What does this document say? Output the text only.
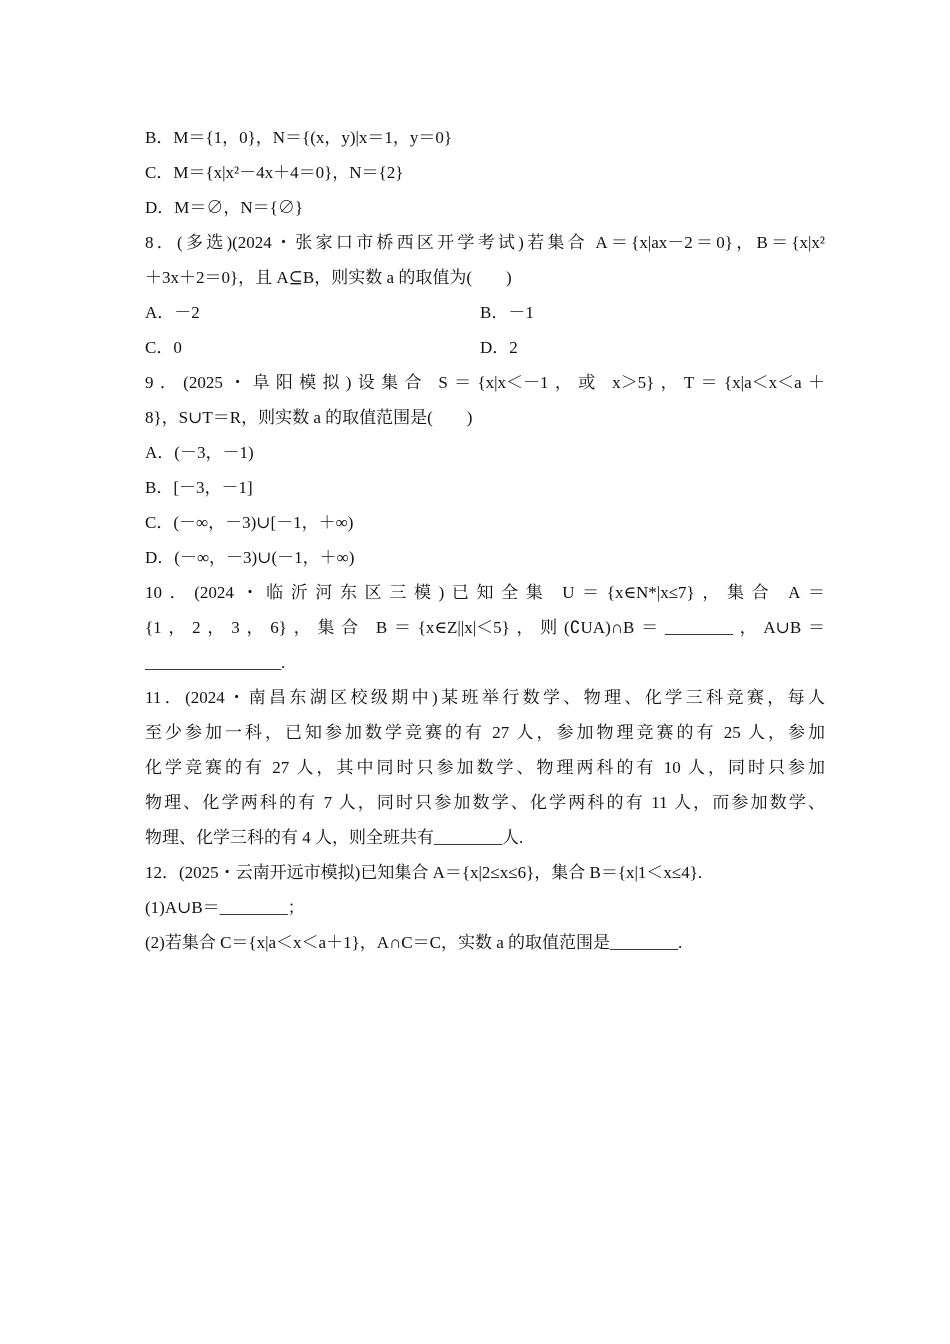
B．M＝{1，0}，N＝{(x，y)|x＝1，y＝0}
C．M＝{x|x²－4x＋4＝0}，N＝{2}
D．M＝∅，N＝{∅}
8．(多选)(2024・张家口市桥西区开学考试)若集合 A＝{x|ax－2＝0}，B＝{x|x²
＋3x＋2＝0}，且 A⊆B，则实数 a 的取值为(　　)
A．－2	B．－1
C．0	D．2
9．(2025・阜阳模拟)设集合 S＝{x|x＜－1，或 x＞5}，T＝{x|a＜x＜a＋
8}，S∪T＝R，则实数 a 的取值范围是(　　)
A．(－3，－1)
B．[－3，－1]
C．(－∞，－3)∪[－1，＋∞)
D．(－∞，－3)∪(－1，＋∞)
10．(2024・临沂河东区三模)已知全集 U＝{x∈N*|x≤7}，集合 A＝
{1，2，3，6}，集合 B＝{x∈Z||x|＜5}，则(∁UA)∩B＝________，A∪B＝
________________.
11．(2024・南昌东湖区校级期中)某班举行数学、物理、化学三科竞赛，每人
至少参加一科，已知参加数学竞赛的有 27 人，参加物理竞赛的有 25 人，参加
化学竞赛的有 27 人，其中同时只参加数学、物理两科的有 10 人，同时只参加
物理、化学两科的有 7 人，同时只参加数学、化学两科的有 11 人，而参加数学、
物理、化学三科的有 4 人，则全班共有________人.
12．(2025・云南开远市模拟)已知集合 A＝{x|2≤x≤6}，集合 B＝{x|1＜x≤4}.
(1)A∪B＝________；
(2)若集合 C＝{x|a＜x＜a＋1}，A∩C＝C，实数 a 的取值范围是________.
